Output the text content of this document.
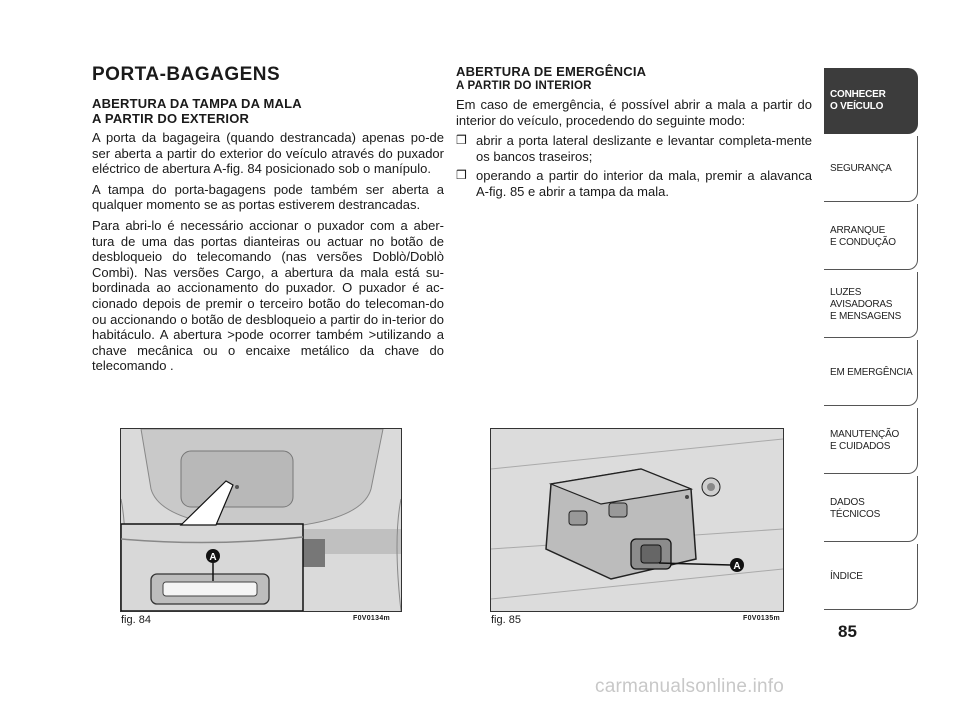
PORTA-BAGAGENS
ABERTURA DA TAMPA DA MALA
A PARTIR DO EXTERIOR

A porta da bagageira (quando destrancada) apenas po-de ser aberta a partir do exterior do veículo através do puxador eléctrico de abertura A-fig. 84 posicionado sob o manípulo.

A tampa do porta-bagagens pode também ser aberta a qualquer momento se as portas estiverem destrancadas.

Para abri-lo é necessário accionar o puxador com a aber-tura de uma das portas dianteiras ou actuar no botão de desbloqueio do telecomando (nas versões Doblò/Doblò Combi). Nas versões Cargo, a abertura da mala está su-bordinada ao accionamento do puxador. O puxador é ac-cionado depois de premir o terceiro botão do telecoman-do ou accionando o botão de desbloqueio a partir do in-terior do habitáculo. A abertura >pode ocorrer também >utilizando a chave mecânica ou o encaixe metálico da chave do telecomando .

ABERTURA DE EMERGÊNCIA
A PARTIR DO INTERIOR

Em caso de emergência, é possível abrir a mala a partir do interior do veículo, procedendo do seguinte modo:

❒ abrir a porta lateral deslizante e levantar completa-mente os bancos traseiros;
❒ operando a partir do interior da mala, premir a alavanca A-fig. 85 e abrir a tampa da mala.
A
fig. 84	F0V0134m
A
fig. 85	F0V0135m
CONHECER
O VEÍCULO
SEGURANÇA
ARRANQUE
E CONDUÇÃO
LUZES AVISADORAS
E MENSAGENS
EM EMERGÊNCIA
MANUTENÇÃO
E CUIDADOS
DADOS TÉCNICOS
ÍNDICE
85
carmanualsonline.info
